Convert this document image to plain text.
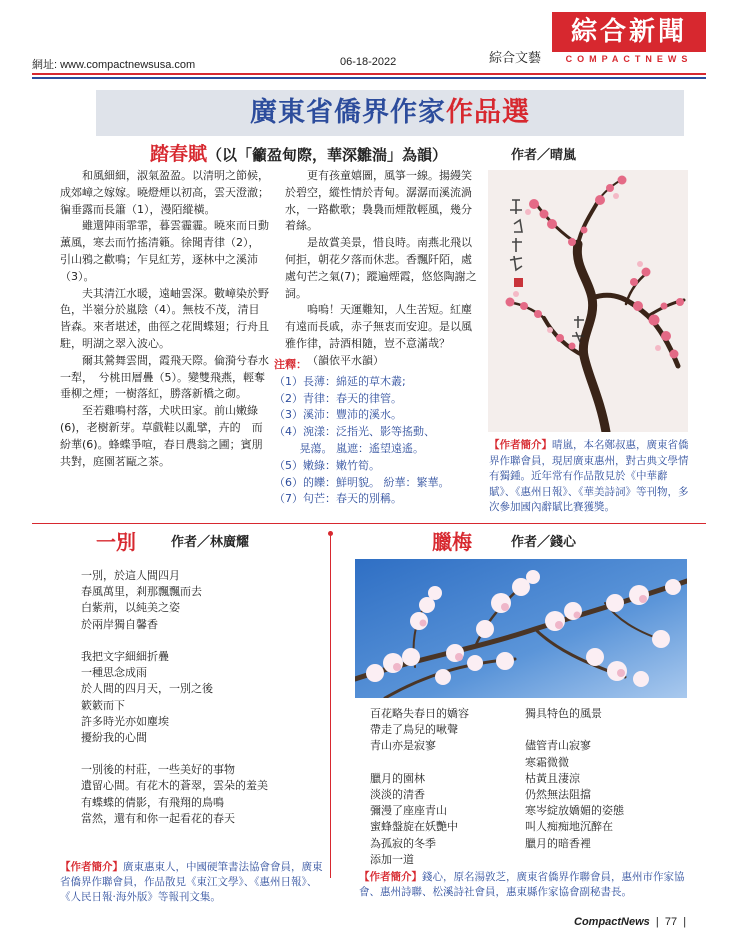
網址: www.compactnewsusa.com	06-18-2022	綜合文藝
綜合新聞
COMPACTNEWS
廣東省僑界作家作品選
踏春賦（以「籲盈甸際，華深雛湍」為韻）	作者／晴嵐

和風細細，淑氣盈盈。以清明之節候，成郊嶂之嫁嫁。曉燈煙以初高，雲天澄澈；徧垂露而長簫（1），漫陌縱橫。

雖還陣雨霏霏，暮雲霾霾。曉來而日動薰風，寒去而竹搖清籟。徐聞青律（2），引山鴉之歡鳴；乍見紅芳，逐林中之溪沛（3）。

夫其清江水暖，遠岫雲深。數嶂染於野色，半嶺分於嵐陰（4）。無枝不茂，清目皆森。來者堪述，曲徑之花間蝶翅；行舟且駐，明湖之翠入波心。

爾其鶯舞雲間，霞飛天際。倫漪兮春水一犁，　兮桃田層疊（5）。變雙飛燕，輕奪垂柳之煙；一樹落紅，勝落新橋之砌。

至若雞鳴村落，犬吠田家。前山嫩綠(6)，老樹新芽。草戲鞋以亂擘，卉的　而紛華(6)。蜂蝶爭喧，春日農翁之圃；賓朋共對，庭園茗甌之茶。

更有孩童嬉圖，風箏一線。揚縵笑於碧空，縱性情於青甸。潺潺而溪流渦水，一路歡歌；裊裊而煙散輕風，幾分着絲。

是故賞美景，惜良時。南燕北飛以何拒，朝花夕落而休悲。香飄阡陌，處處句芒之氣(7)；蹤遍煙霞，悠悠陶謝之詞。

嗚嗚！天運難知，人生苦短。紅塵有遠而長戚，赤子無衷而安迎。是以風雅作律，詩酒相隨，豈不意滿哉？

（韻依平水韻）

注釋：
（1）長薄：綿延的草木叢;
（2）青律：春天的律管。
（3）溪沛：豐沛的溪水。
（4）涴漾：泛指光、影等搖動、
　　 晃蕩。 嵐遮：遙望遠遙。
（5）嫩綠：嫩竹筍。
（6）的皪：鮮明貌。 紛華：繁華。
（7）句芒：春天的別稱。
【作者簡介】晴嵐，本名鄭叔惠，廣東省僑界作聯會員，現居廣東惠州，對古典文學情有獨鍾。近年常有作品散見於《中華辭賦》、《惠州日報》、《華美詩詞》等刊物，多次參加國內辭賦比賽獲獎。
一別	作者／林廣耀
一別，於這人間四月
春風萬里，剎那飄飄而去
白紫荊，以純美之姿
於兩岸獨自馨香
我把文字細細折疊
一種思念成雨
於人間的四月天，一別之後
簌簌而下
許多時光亦如塵埃
擾紛我的心間
一別後的村莊，一些美好的事物
遺留心間。有花木的蒼翠，雲朵的羞美
有蝶蝶的倩影，有飛翔的鳥鳴
當然，還有和你一起看花的春天
【作者簡介】廣東惠東人，中國硬筆書法協會會員，廣東省僑界作聯會員，作品散見《東江文學》、《惠州日報》、《人民日報‧海外版》等報刊文集。
臘梅	作者／錢心
百花略失春日的嬌容
帶走了鳥兒的啾聲
青山亦是寂寥
臘月的園林
淡淡的清香
彌漫了座座青山
蜜蜂盤旋在妖艷中
為孤寂的冬季
添加一道
獨具特色的風景
儘管青山寂寥
寒霜微微
枯黃且淒涼
仍然無法阻擋
寒岑綻放嬌媚的姿態
叫人痴痴地沉醉在
臘月的暗香裡
【作者簡介】錢心，原名湯敦芝，廣東省僑界作聯會員，惠州市作家協會、惠州詩聯、松溪詩社會員，惠東縣作家協會副秘書長。
CompactNews  |  77  |
